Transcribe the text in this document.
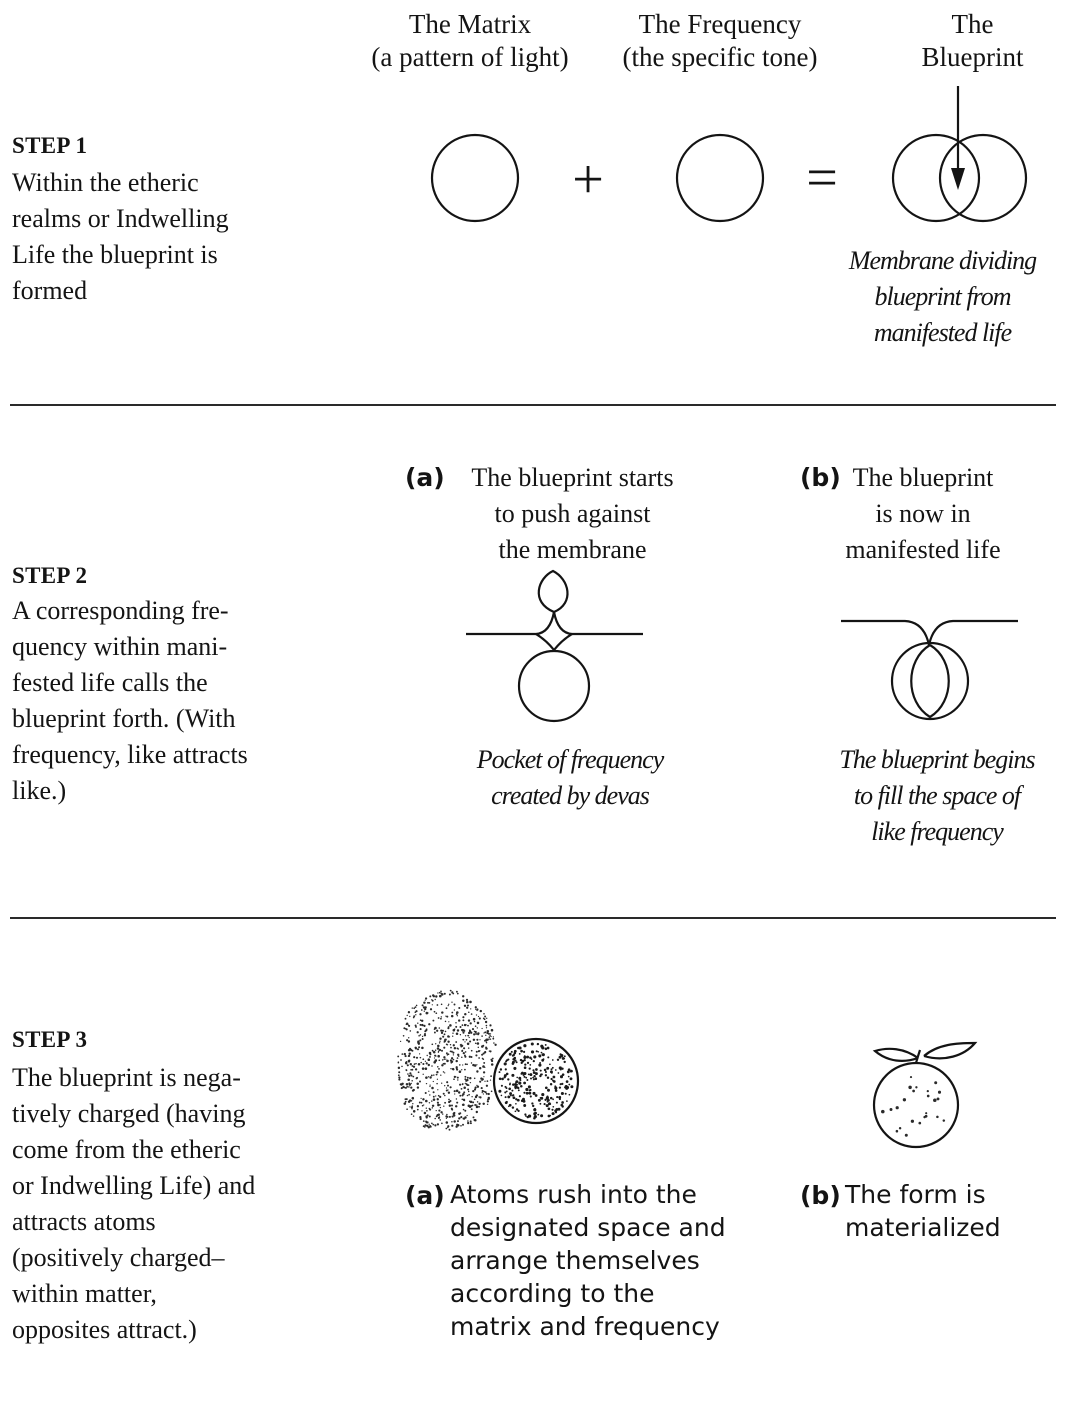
The Matrix
(a pattern of light)

The Frequency
(the specific tone)

The
Blueprint

STEP 1

Within the etheric
realms or Indwelling
Life the blueprint is
formed

+	=

Membrane dividing
blueprint from
manifested life

STEP 2

A corresponding fre-
quency within mani-
fested life calls the
blueprint forth. (With
frequency, like attracts
like.)

(a)	The blueprint starts
to push against
the membrane

Pocket of frequency
created by devas

(b) The blueprint
is now in
manifested life

The blueprint begins
to fill the space of
like frequency

STEP 3

The blueprint is nega-
tively charged (having
come from the etheric
or Indwelling Life) and
attracts atoms
(positively charged–
within matter,
opposites attract.)

(a) Atoms rush into the
designated space and
arrange themselves
according to the
matrix and frequency

(b) The form is
materialized
